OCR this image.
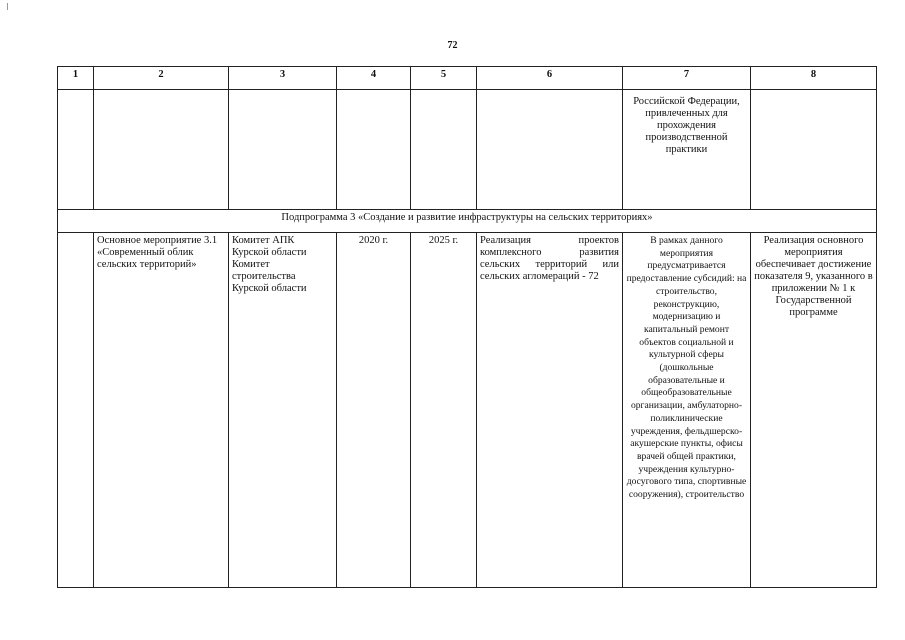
72
1	2	3	4	5	6	7	8
						Российской Федерации, привлеченных для прохождения производственной практики	
Подпрограмма 3 «Создание и развитие инфраструктуры на сельских территориях»							
	Основное мероприятие 3.1 «Современный облик сельских территорий»	Комитет АПК Курской области Комитет строительства Курской области	2020 г.	2025 г.	Реализация проектов комплексного развития сельских территорий или сельских агломераций - 72	В рамках данного мероприятия предусматривается предоставление субсидий: на строительство, реконструкцию, модернизацию и капитальный ремонт объектов социальной и культурной сферы (дошкольные образовательные и общеобразовательные организации, амбулаторно-поликлинические учреждения, фельдшерско-акушерские пункты, офисы врачей общей практики, учреждения культурно-досугового типа, спортивные сооружения), строительство	Реализация основного мероприятия обеспечивает достижение показателя 9, указанного в приложении № 1 к Государственной программе
